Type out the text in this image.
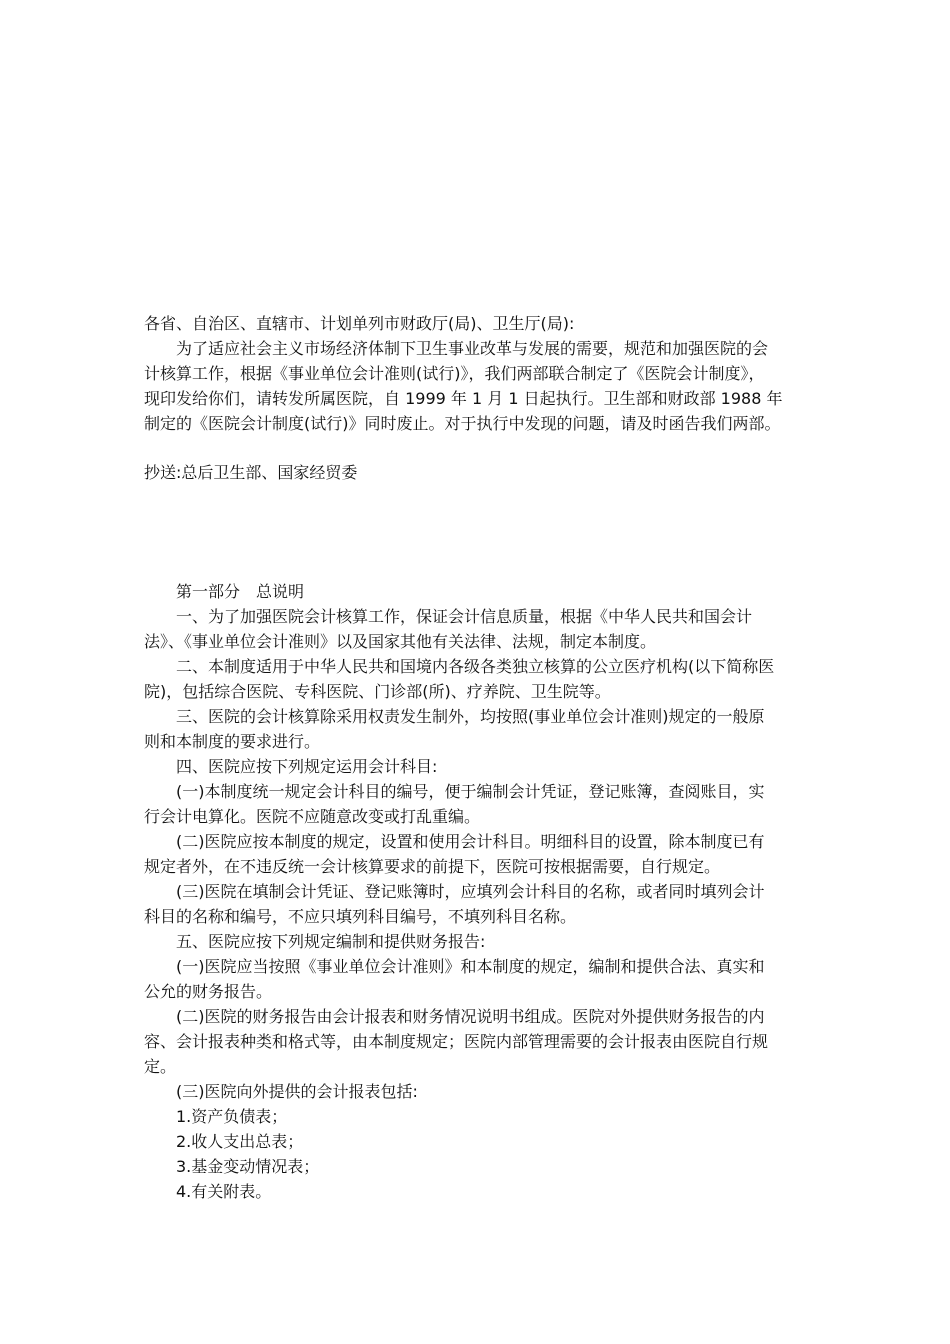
各省、自治区、直辖市、计划单列市财政厅(局)、卫生厅(局):
为了适应社会主义市场经济体制下卫生事业改革与发展的需要，规范和加强医院的会
计核算工作，根据《事业单位会计准则(试行)》，我们两部联合制定了《医院会计制度》，
现印发给你们，请转发所属医院，自 1999 年 1 月 1 日起执行。卫生部和财政部 1988 年
制定的《医院会计制度(试行)》同时废止。对于执行中发现的问题，请及时函告我们两部。
抄送:总后卫生部、国家经贸委
第一部分　总说明
一、为了加强医院会计核算工作，保证会计信息质量，根据《中华人民共和国会计
法》、《事业单位会计准则》以及国家其他有关法律、法规，制定本制度。
二、本制度适用于中华人民共和国境内各级各类独立核算的公立医疗机构(以下简称医
院)，包括综合医院、专科医院、门诊部(所)、疗养院、卫生院等。
三、医院的会计核算除采用权责发生制外，均按照(事业单位会计准则)规定的一般原
则和本制度的要求进行。
四、医院应按下列规定运用会计科目:
(一)本制度统一规定会计科目的编号，便于编制会计凭证，登记账簿，查阅账目，实
行会计电算化。医院不应随意改变或打乱重编。
(二)医院应按本制度的规定，设置和使用会计科目。明细科目的设置，除本制度已有
规定者外，在不违反统一会计核算要求的前提下，医院可按根据需要，自行规定。
(三)医院在填制会计凭证、登记账簿时，应填列会计科目的名称，或者同时填列会计
科目的名称和编号，不应只填列科目编号，不填列科目名称。
五、医院应按下列规定编制和提供财务报告:
(一)医院应当按照《事业单位会计准则》和本制度的规定，编制和提供合法、真实和
公允的财务报告。
(二)医院的财务报告由会计报表和财务情况说明书组成。医院对外提供财务报告的内
容、会计报表种类和格式等，由本制度规定；医院内部管理需要的会计报表由医院自行规
定。
(三)医院向外提供的会计报表包括:
1.资产负债表；
2.收人支出总表；
3.基金变动情况表；
4.有关附表。
